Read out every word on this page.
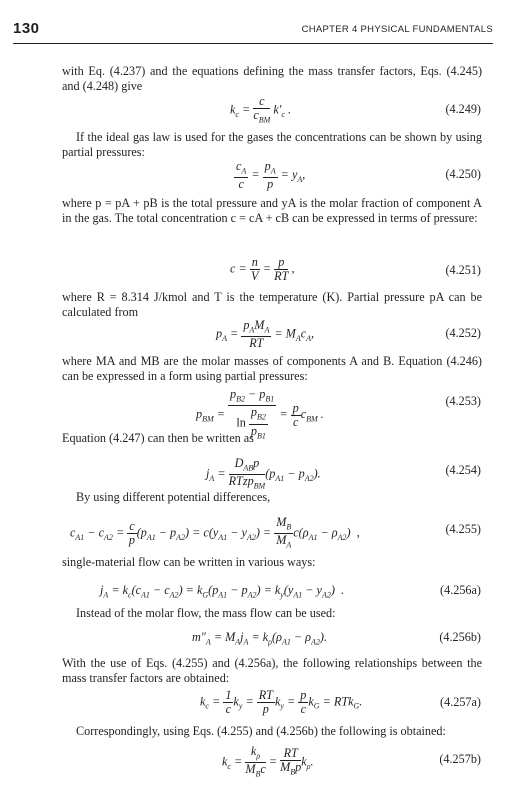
130	CHAPTER 4 PHYSICAL FUNDAMENTALS
with Eq. (4.237) and the equations defining the mass transfer factors, Eqs. (4.245) and (4.248) give
$k_c = \frac{c}{c_{BM}} k'_c$ .	(4.249)
If the ideal gas law is used for the gases the concentrations can be shown by using partial pressures:
$\frac{c_A}{c} = \frac{p_A}{p} = y_A$,	(4.250)
where p = pA + pB is the total pressure and yA is the molar fraction of component A in the gas. The total concentration c = cA + cB can be expressed in terms of pressure:
$c = \frac{n}{V} = \frac{p}{RT}$ ,	(4.251)
where R = 8.314 J/kmol and T is the temperature (K). Partial pressure pA can be calculated from
$p_A = \frac{p_AM_A}{RT} = M_Ac_A$,	(4.252)
where MA and MB are the molar masses of components A and B. Equation (4.246) can be expressed in a form using partial pressures:
$p_{BM} = \frac{p_{B2} - p_{B1}}{\ln \frac{p_{B2}}{p_{B1}}} = \frac{p}{c} c_{BM}$ .
(4.253)
Equation (4.247) can then be written as
$j_A = \frac{D_{AB}p}{RTzp_{BM}} (p_{A1} - p_{A2})$.	(4.254)
By using different potential differences,
$c_{A1} - c_{A2} = \frac{c}{p} (p_{A1} - p_{A2}) = c(y_{A1} - y_{A2}) = \frac{M_B}{M_A} c(\rho_{A1} - \rho_{A2})$  ,	(4.255)
single-material flow can be written in various ways:
$j_A = k_c(c_{A1} - c_{A2}) = k_G(p_{A1} - p_{A2}) = k_y(y_{A1} - y_{A2})$  .	(4.256a)
Instead of the molar flow, the mass flow can be used:
$m''_A = M_Aj_A = k_\rho(\rho_{A1} - \rho_{A2})$.	(4.256b)
With the use of Eqs. (4.255) and (4.256a), the following relationships between the mass transfer factors are obtained:
$k_c = \frac{1}{c} k_y = \frac{RT}{p} k_y = \frac{p}{c} k_G = RTk_G$.	(4.257a)
Correspondingly, using Eqs. (4.255) and (4.256b) the following is obtained:
$k_c = \frac{k_\rho}{M_Bc} = \frac{RT}{M_Bp} k_\rho$.	(4.257b)
